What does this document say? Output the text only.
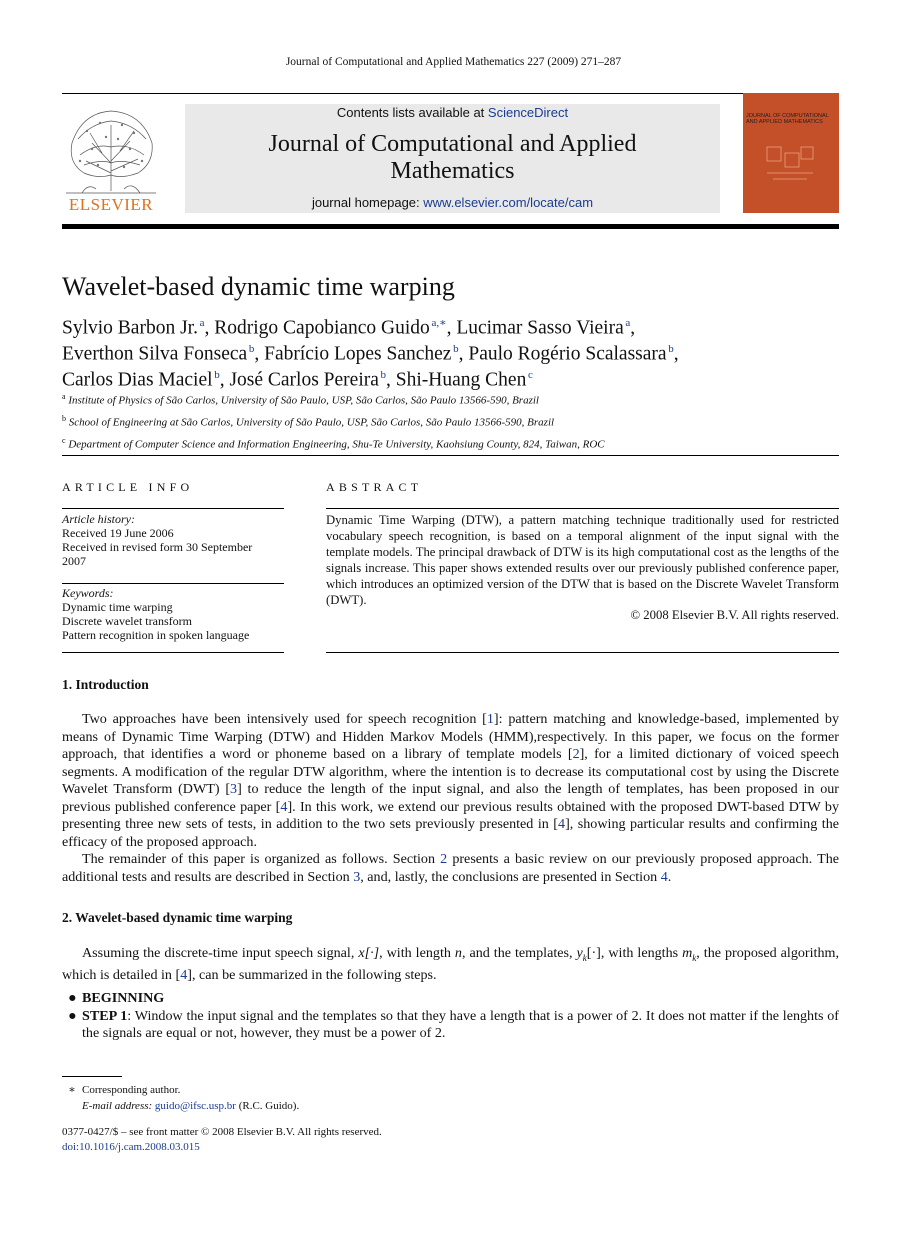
Journal of Computational and Applied Mathematics 227 (2009) 271–287
ELSEVIER
Contents lists available at ScienceDirect
Journal of Computational and Applied
Mathematics
journal homepage: www.elsevier.com/locate/cam
JOURNAL OF COMPUTATIONAL AND APPLIED MATHEMATICS
Wavelet-based dynamic time warping
Sylvio Barbon Jr.  $^a$, Rodrigo Capobianco Guido  $^{a,∗}$, Lucimar Sasso Vieira  $^a$,
Everthon Silva Fonseca  $^b$, Fabrício Lopes Sanchez  $^b$, Paulo Rogério Scalassara  $^b$,
Carlos Dias Maciel  $^b$, José Carlos Pereira  $^b$, Shi-Huang Chen  $^c$
$^a$ Institute of Physics of São Carlos, University of São Paulo, USP, São Carlos, São Paulo 13566-590, Brazil
$^b$ School of Engineering at São Carlos, University of São Paulo, USP, São Carlos, São Paulo 13566-590, Brazil
$^c$ Department of Computer Science and Information Engineering, Shu-Te University, Kaohsiung County, 824, Taiwan, ROC
ARTICLE INFO
Article history:
Received 19 June 2006
Received in revised form 30 September
2007
Keywords:
Dynamic time warping
Discrete wavelet transform
Pattern recognition in spoken language
ABSTRACT
Dynamic Time Warping (DTW), a pattern matching technique traditionally used for restricted vocabulary speech recognition, is based on a temporal alignment of the input signal with the template models. The principal drawback of DTW is its high computational cost as the lengths of the signals increase. This paper shows extended results over our previously published conference paper, which introduces an optimized version of the DTW that is based on the Discrete Wavelet Transform (DWT).
© 2008 Elsevier B.V. All rights reserved.
1. Introduction

Two approaches have been intensively used for speech recognition [1]: pattern matching and knowledge-based, implemented by means of Dynamic Time Warping (DTW) and Hidden Markov Models (HMM),respectively. In this paper, we focus on the former approach, that identifies a word or phoneme based on a library of template models [2], for a limited dictionary of voiced speech segments. A modification of the regular DTW algorithm, where the intention is to decrease its computational cost by using the Discrete Wavelet Transform (DWT) [3] to reduce the length of the input signal, and also the length of templates, has been proposed in our previous published conference paper [4]. In this work, we extend our previous results obtained with the proposed DWT-based DTW by presenting three new sets of tests, in addition to the two sets previously presented in [4], showing particular results and confirming the efficacy of the proposed approach.

The remainder of this paper is organized as follows. Section 2 presents a basic review on our previously proposed approach. The additional tests and results are described in Section 3, and, lastly, the conclusions are presented in Section 4.

2. Wavelet-based dynamic time warping

Assuming the discrete-time input speech signal, x[·], with length n, and the templates, $y_k[\cdot]$, with lengths $m_k$, the proposed algorithm, which is detailed in [4], can be summarized in the following steps.

● BEGINNING
● STEP 1: Window the input signal and the templates so that they have a length that is a power of 2. It does not matter if the lenghts of the signals are equal or not, however, they must be a power of 2.
∗ Corresponding author.
E-mail address: guido@ifsc.usp.br (R.C. Guido).
0377-0427/$ – see front matter © 2008 Elsevier B.V. All rights reserved.
doi:10.1016/j.cam.2008.03.015
